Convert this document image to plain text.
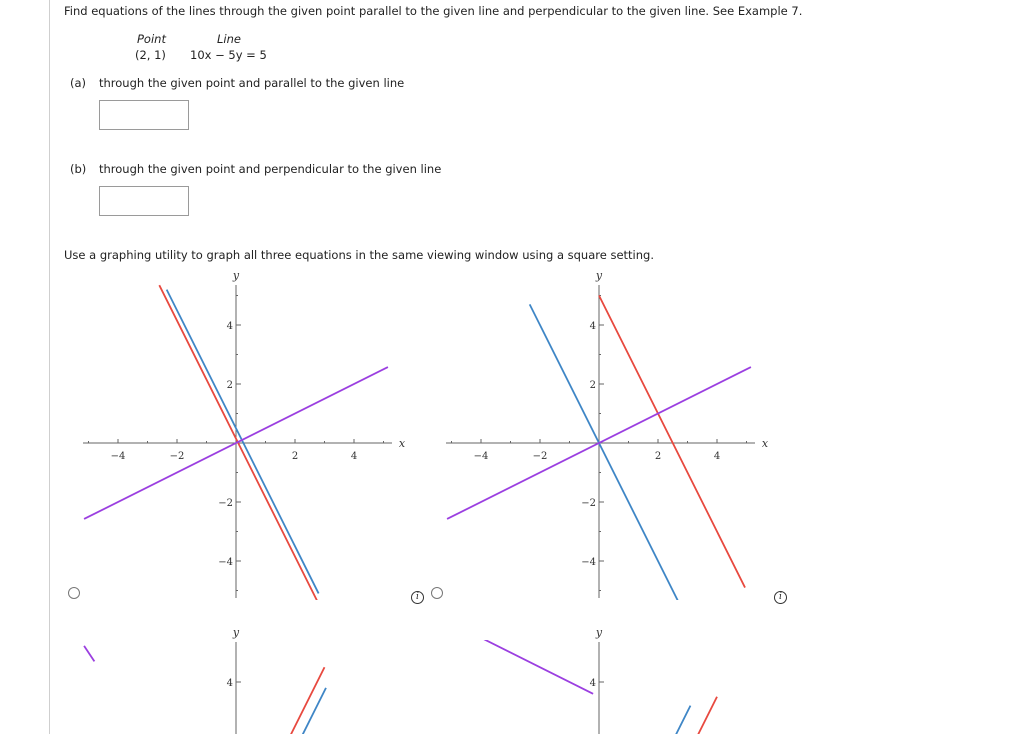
Find equations of the lines through the given point parallel to the given line and perpendicular to the given line. See Example 7.
Point	Line
(2, 1) 10x − 5y = 5
(a) through the given point and parallel to the given line
(b) through the given point and perpendicular to the given line
Use a graphing utility to graph all three equations in the same viewing window using a square setting.
−4	−2	2	4
−4
−2
2
4
y
x
−4	−2	2	4
−4
−2
2
4
y
x
4
y
4
y
i	i
